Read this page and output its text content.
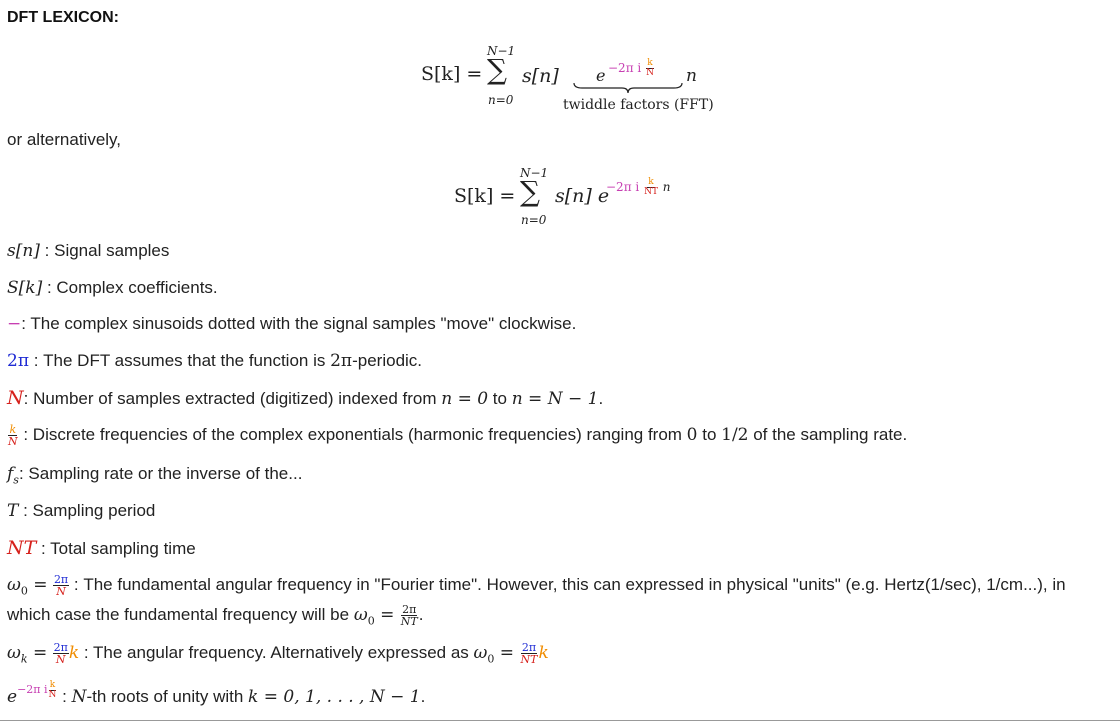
DFT LEXICON:
S[k] =
N−1
∑
n=0
s[n] e −2π i $\frac{k}{N}$ n
twiddle factors (FFT)
or alternatively,
S[k] =
N−1
∑
n=0
s[n] e
−2π i $\frac{k}{NT}$ n
s[n] : Signal samples
S[k] : Complex coefficients.
−: The complex sinusoids dotted with the signal samples "move" clockwise.
2π : The DFT assumes that the function is 2π-periodic.
N: Number of samples extracted (digitized) indexed from n = 0 to n = N − 1.
$\frac{k}{N}$ : Discrete frequencies of the complex exponentials (harmonic frequencies) ranging from 0 to 1/2 of the sampling rate.
$f_s$: Sampling rate or the inverse of the...
T : Sampling period
NT : Total sampling time
$\omega_0 = \frac{2\pi}{N}$ : The fundamental angular frequency in "Fourier time". However, this can expressed in physical "units" (e.g. Hertz(1/sec), 1/cm...), in
which case the fundamental frequency will be $\omega_0 = \frac{2\pi}{NT}$ .
$\omega_k = \frac{2\pi}{N}$ k : The angular frequency. Alternatively expressed as $\omega_0 = \frac{2\pi}{NT}$ k
$e^{-2\pi i \frac{k}{N}}$ : N-th roots of unity with k = 0, 1, . . . , N − 1.
